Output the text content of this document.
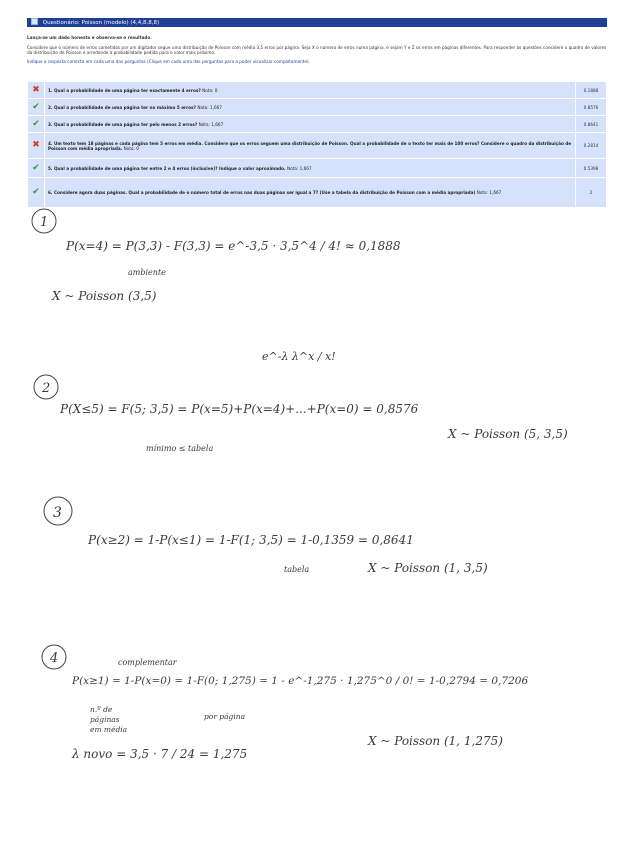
Questionário: Poisson (modelo) (4,4,8,8,8)
Lança-se um dado honesto e observa-se o resultado.
Considere que o número de erros cometidos por um digitador segue uma distribuição de Poisson com média 3,5 erros por página. Seja X o número de erros numa página, e sejam Y e Z os erros em páginas diferentes. Para responder às questões considere o quadro de valores da distribuição de Poisson e arredonde a probabilidade pedida para o valor mais próximo.
Indique a resposta correcta em cada uma das perguntas (Clique em cada uma das perguntas para a poder visualizar completamente).
✖	1. Qual a probabilidade de uma página ter exactamente 4 erros? Nota: 0	0.1888
✔	2. Qual a probabilidade de uma página ter no máximo 5 erros? Nota: 1,667	0.8576
✔	3. Qual a probabilidade de uma página ter pelo menos 2 erros? Nota: 1,667	0.8641
✖	4. Um texto tem 18 páginas e cada página tem 5 erros em média. Considere que os erros seguem uma distribuição de Poisson. Qual a probabilidade de o texto ter mais de 100 erros? Considere o quadro da distribuição de Poisson com média apropriada. Nota: 0	0.2814
✔	5. Qual a probabilidade de uma página ter entre 2 e 4 erros (inclusive)? Indique o valor aproximado. Nota: 1,667	0.5398
✔	6. Considere agora duas páginas. Qual a probabilidade de o número total de erros nas duas páginas ser igual a 7? (Use a tabela da distribuição de Poisson com a média apropriada) Nota: 1,667	2
1
P(x=4) = P(3,3) - F(3,3) = e^-3,5 · 3,5^4 / 4! ≈ 0,1888
ambiente
X ~ Poisson (3,5)
2
e^-λ λ^x / x!
P(X≤5) = F(5; 3,5) = P(x=5)+P(x=4)+...+P(x=0) = 0,8576
mínimo ≤ tabela
X ~ Poisson (5, 3,5)
3
P(x≥2) = 1-P(x≤1) = 1-F(1; 3,5) = 1-0,1359 = 0,8641
tabela	X ~ Poisson (1, 3,5)
4	complementar
P(x≥1) = 1-P(x=0) = 1-F(0; 1,275) = 1 - e^-1,275 · 1,275^0 / 0! = 1-0,2794 = 0,7206
n.º de
páginas
em média
por página
λ novo = 3,5 · 7 / 24 = 1,275
X ~ Poisson (1, 1,275)
